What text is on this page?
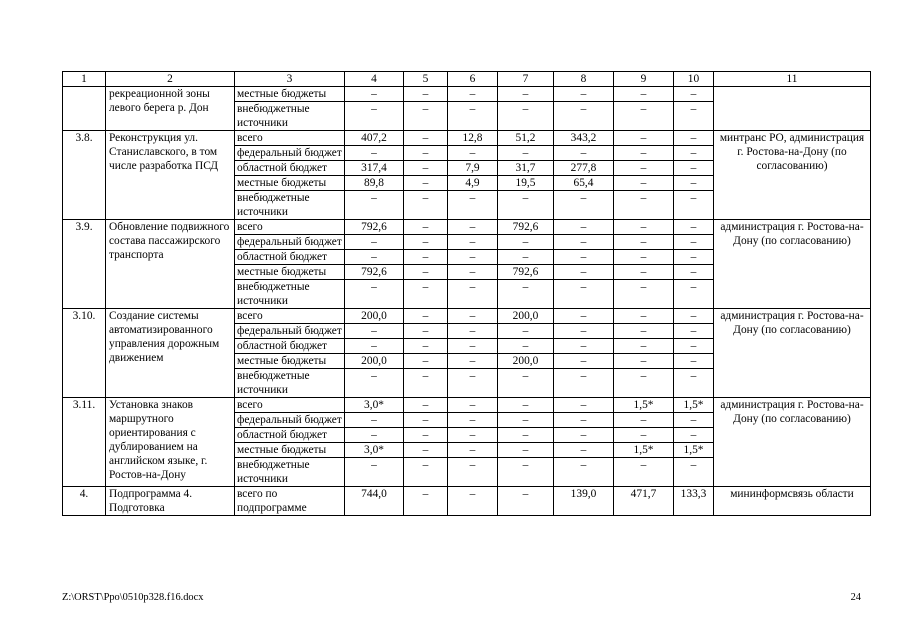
1	2	3	4	5	6	7	8	9	10	11
	рекреационной зоны левого берега р. Дон	местные бюджеты	–	–	–	–	–	–	–	
		внебюджетные источники	–	–	–	–	–	–	–	
3.8.	Реконструкция ул. Станиславского, в том числе разработка ПСД	всего	407,2	–	12,8	51,2	343,2	–	–	минтранс РО, администрация г. Ростова-на-Дону (по согласованию)
		федеральный бюджет	–	–	–	–	–	–	–	
		областной бюджет	317,4	–	7,9	31,7	277,8	–	–	
		местные бюджеты	89,8	–	4,9	19,5	65,4	–	–	
		внебюджетные источники	–	–	–	–	–	–	–	
3.9.	Обновление подвижного состава пассажирского транспорта	всего	792,6	–	–	792,6	–	–	–	администрация г. Ростова-на-Дону (по согласованию)
		федеральный бюджет	–	–	–	–	–	–	–	
		областной бюджет	–	–	–	–	–	–	–	
		местные бюджеты	792,6	–	–	792,6	–	–	–	
		внебюджетные источники	–	–	–	–	–	–	–	
3.10.	Создание системы автоматизированного управления дорожным движением	всего	200,0	–	–	200,0	–	–	–	администрация г. Ростова-на-Дону (по согласованию)
		федеральный бюджет	–	–	–	–	–	–	–	
		областной бюджет	–	–	–	–	–	–	–	
		местные бюджеты	200,0	–	–	200,0	–	–	–	
		внебюджетные источники	–	–	–	–	–	–	–	
3.11.	Установка знаков маршрутного ориентирования с дублированием на английском языке, г. Ростов-на-Дону	всего	3,0*	–	–	–	–	1,5*	1,5*	администрация г. Ростова-на-Дону (по согласованию)
		федеральный бюджет	–	–	–	–	–	–	–	
		областной бюджет	–	–	–	–	–	–	–	
		местные бюджеты	3,0*	–	–	–	–	1,5*	1,5*	
		внебюджетные источники	–	–	–	–	–	–	–	
4.	Подпрограмма 4. Подготовка	всего по подпрограмме	744,0	–	–	–	139,0	471,7	133,3	мининформсвязь области
Z:\ORST\Ppo\0510p328.f16.docx	24
